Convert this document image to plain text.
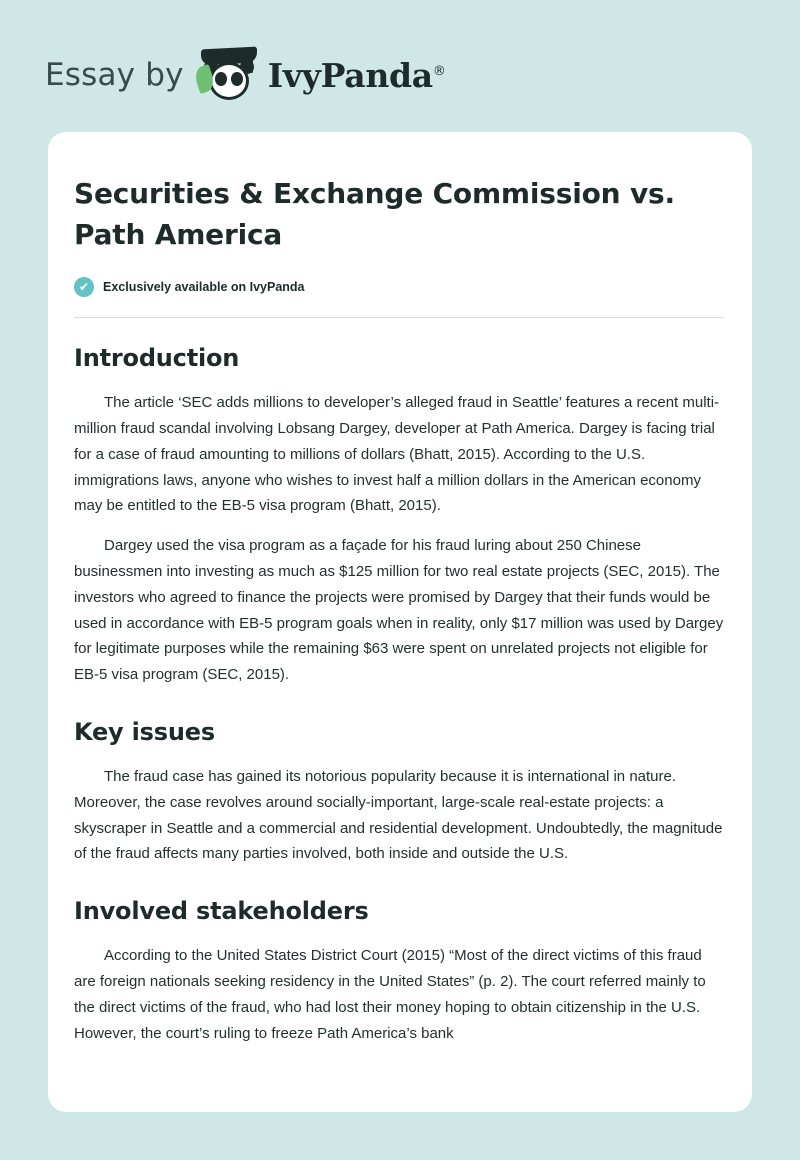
Essay by	IvyPanda®
Securities & Exchange Commission vs. Path America
✔	Exclusively available on IvyPanda
Introduction

The article ‘SEC adds millions to developer’s alleged fraud in Seattle’ features a recent multi-million fraud scandal involving Lobsang Dargey, developer at Path America. Dargey is facing trial for a case of fraud amounting to millions of dollars (Bhatt, 2015). According to the U.S. immigrations laws, anyone who wishes to invest half a million dollars in the American economy may be entitled to the EB-5 visa program (Bhatt, 2015).

Dargey used the visa program as a façade for his fraud luring about 250 Chinese businessmen into investing as much as $125 million for two real estate projects (SEC, 2015). The investors who agreed to finance the projects were promised by Dargey that their funds would be used in accordance with EB-5 program goals when in reality, only $17 million was used by Dargey for legitimate purposes while the remaining $63 were spent on unrelated projects not eligible for EB-5 visa program (SEC, 2015).

Key issues

The fraud case has gained its notorious popularity because it is international in nature. Moreover, the case revolves around socially-important, large-scale real-estate projects: a skyscraper in Seattle and a commercial and residential development. Undoubtedly, the magnitude of the fraud affects many parties involved, both inside and outside the U.S.

Involved stakeholders

According to the United States District Court (2015) “Most of the direct victims of this fraud are foreign nationals seeking residency in the United States” (p. 2). The court referred mainly to the direct victims of the fraud, who had lost their money hoping to obtain citizenship in the U.S. However, the court’s ruling to freeze Path America’s bank
